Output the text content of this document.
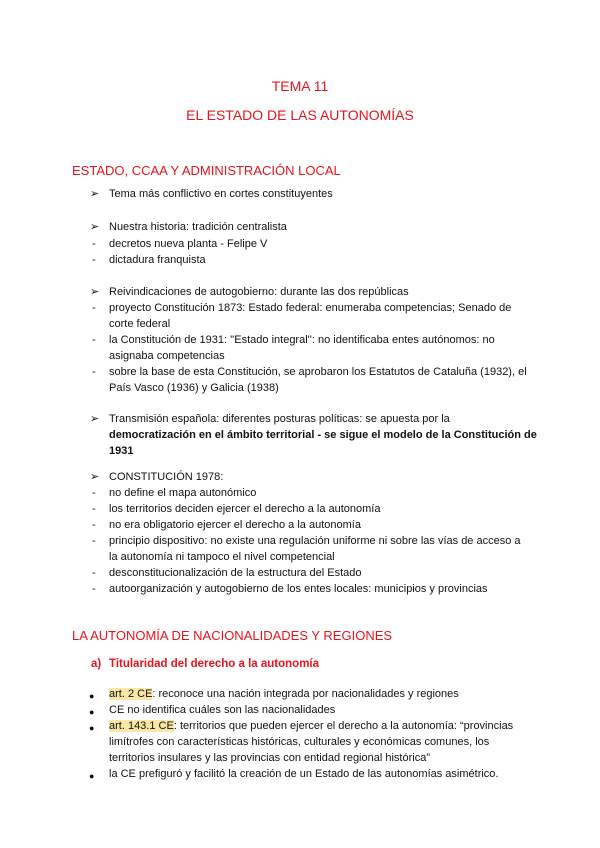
TEMA 11
EL ESTADO DE LAS AUTONOMÍAS
ESTADO, CCAA Y ADMINISTRACIÓN LOCAL
➢ Tema más conflictivo en cortes constituyentes
➢ Nuestra historia: tradición centralista
- decretos nueva planta - Felipe V
- dictadura franquista
➢ Reivindicaciones de autogobierno: durante las dos repúblicas
- proyecto Constitución 1873: Estado federal: enumeraba competencias; Senado de
corte federal
- la Constitución de 1931: ''Estado integral'': no identificaba entes autónomos: no
asignaba competencias
- sobre la base de esta Constitución, se aprobaron los Estatutos de Cataluña (1932), el
País Vasco (1936) y Galicia (1938)
➢ Transmisión española: diferentes posturas políticas: se apuesta por la
democratización en el ámbito territorial - se sigue el modelo de la Constitución de
1931
➢ CONSTITUCIÓN 1978:
- no define el mapa autonómico
- los territorios deciden ejercer el derecho a la autonomía
- no era obligatorio ejercer el derecho a la autonomía
- principio dispositivo: no existe una regulación uniforme ni sobre las vías de acceso a
la autonomía ni tampoco el nivel competencial
- desconstitucionalización de la estructura del Estado
- autoorganización y autogobierno de los entes locales: municipios y provincias
LA AUTONOMÍA DE NACIONALIDADES Y REGIONES
a) Titularidad del derecho a la autonomía
● art. 2 CE: reconoce una nación integrada por nacionalidades y regiones
● CE no identifica cuáles son las nacionalidades
● art. 143.1 CE: territorios que pueden ejercer el derecho a la autonomía: “provincias
limítrofes con características históricas, culturales y económicas comunes, los
territorios insulares y las provincias con entidad regional histórica”
● la CE prefiguró y facilitó la creación de un Estado de las autonomías asimétrico.
